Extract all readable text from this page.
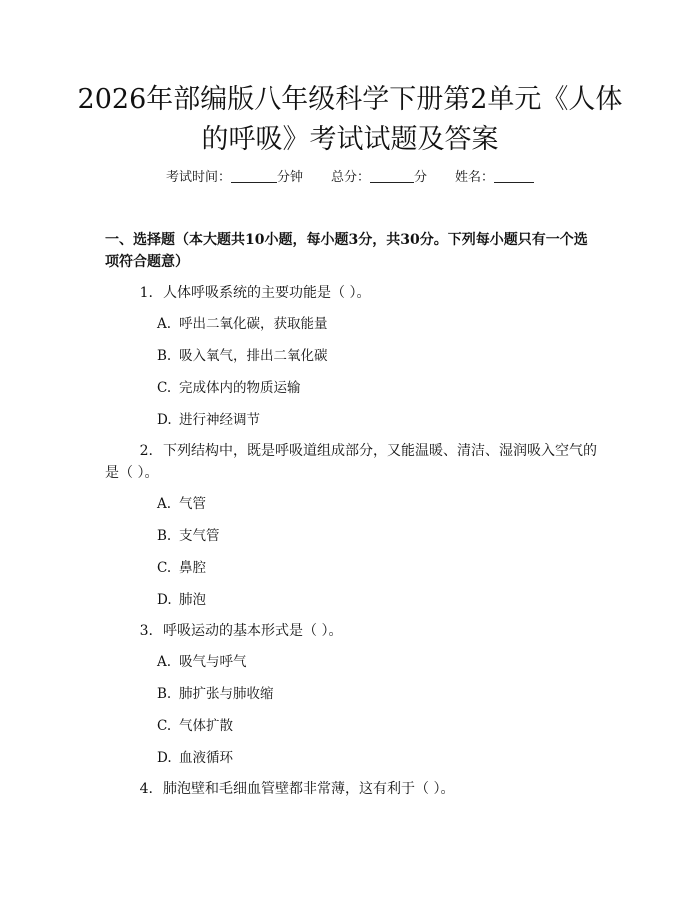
2026年部编版八年级科学下册第2单元《人体的呼吸》考试试题及答案
考试时间：	分钟 总分：	分 姓名：

一、选择题（本大题共10小题，每小题3分，共30分。下列每小题只有一个选项符合题意）

1. 人体呼吸系统的主要功能是（ ）。
A. 呼出二氧化碳，获取能量
B. 吸入氧气，排出二氧化碳
C. 完成体内的物质运输
D. 进行神经调节
2. 下列结构中，既是呼吸道组成部分，又能温暖、清洁、湿润吸入空气的是（ ）。
A. 气管
B. 支气管
C. 鼻腔
D. 肺泡
3. 呼吸运动的基本形式是（ ）。
A. 吸气与呼气
B. 肺扩张与肺收缩
C. 气体扩散
D. 血液循环
4. 肺泡壁和毛细血管壁都非常薄，这有利于（ ）。
